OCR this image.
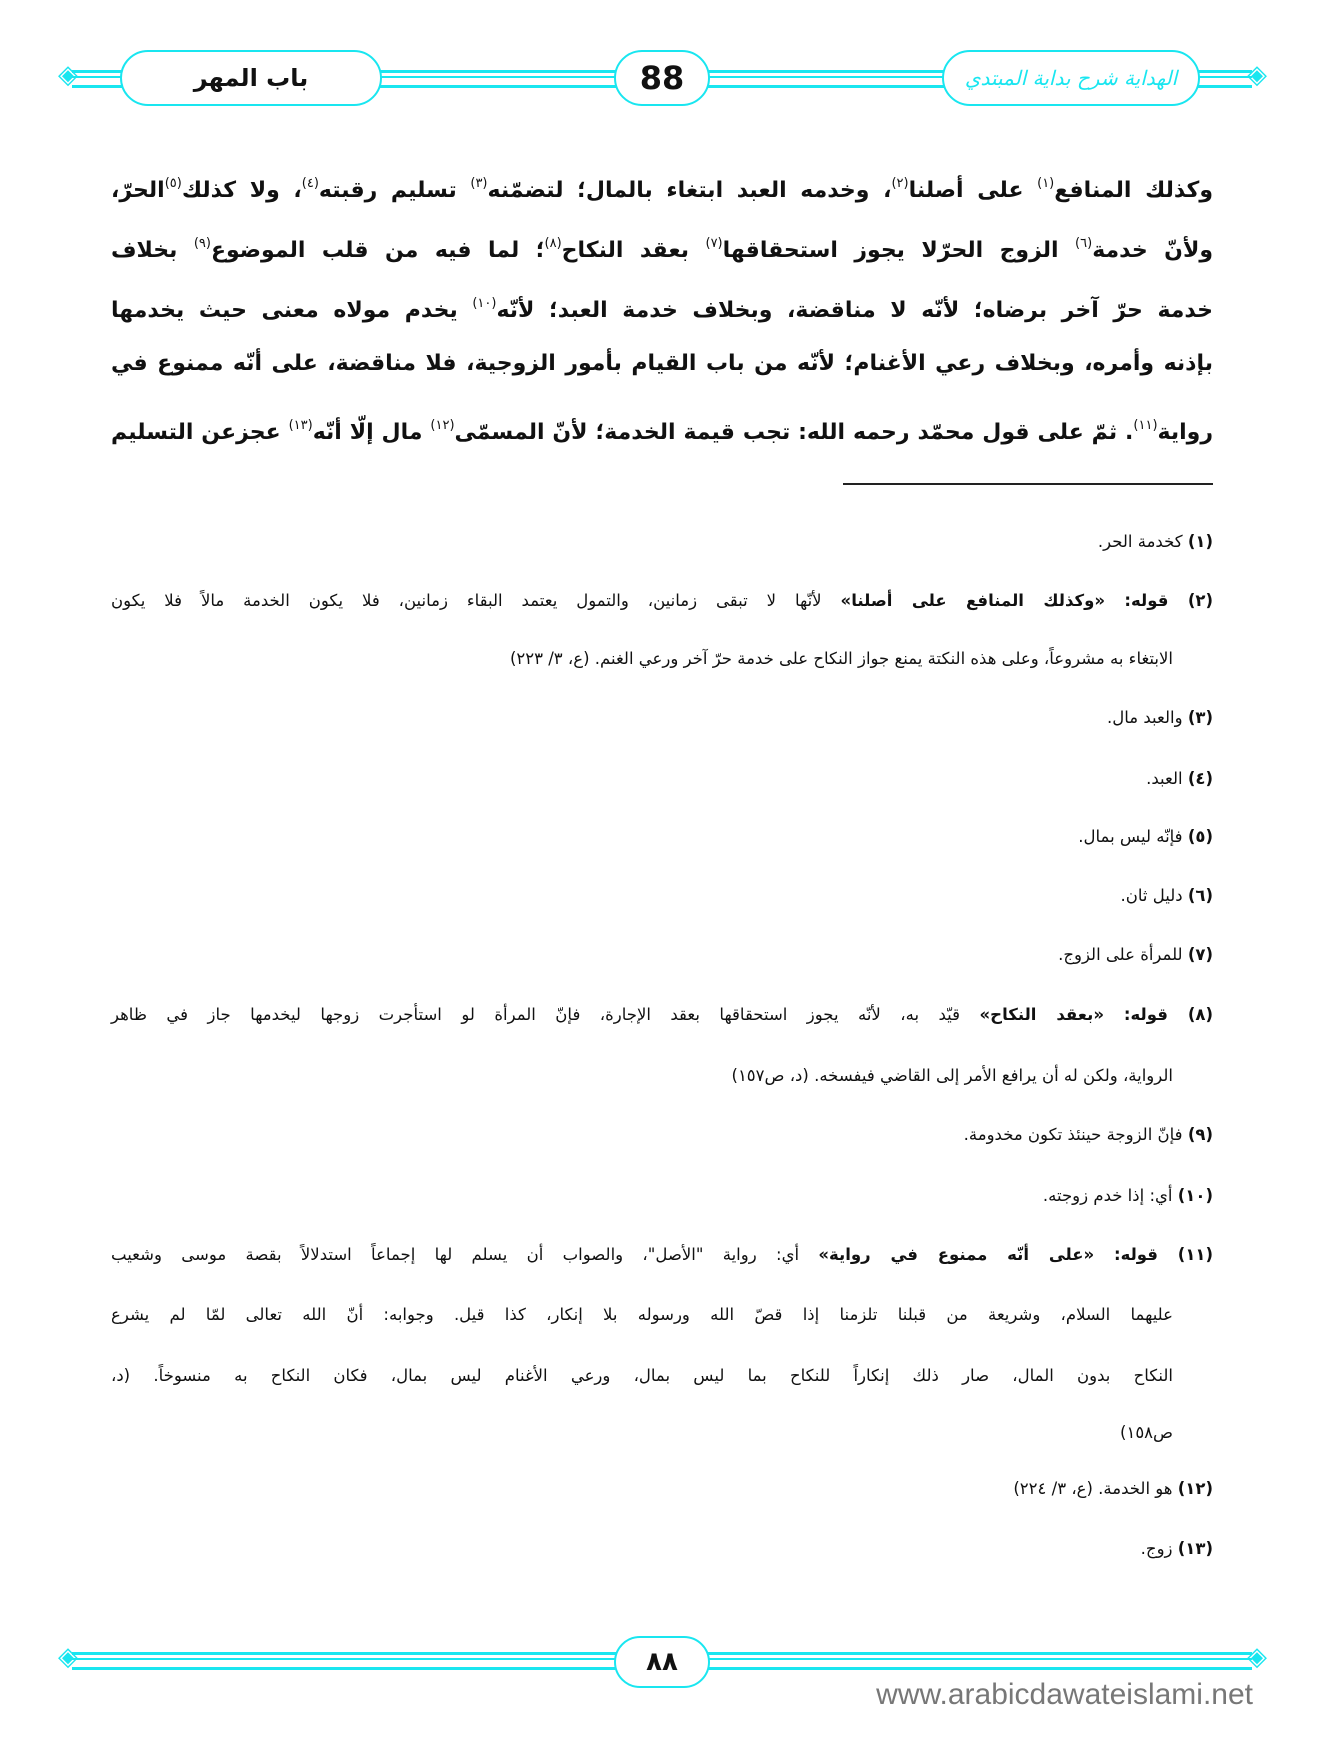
◈	◈
باب المهر	88	الهداية شرح بداية المبتدي
وكذلك المنافع$^{(١)}$ على أصلنا$^{(٢)}$، وخدمه العبد ابتغاء بالمال؛ لتضمّنه$^{(٣)}$ تسليم رقبته$^{(٤)}$، ولا كذلك$^{(٥)}$الحرّ،
ولأنّ خدمة$^{(٦)}$ الزوج الحرّلا يجوز استحقاقها$^{(٧)}$ بعقد النكاح$^{(٨)}$؛ لما فيه من قلب الموضوع$^{(٩)}$ بخلاف
خدمة حرّ آخر برضاه؛ لأنّه لا مناقضة، وبخلاف خدمة العبد؛ لأنّه$^{(١٠)}$ يخدم مولاه معنى حيث يخدمها
بإذنه وأمره، وبخلاف رعي الأغنام؛ لأنّه من باب القيام بأمور الزوجية، فلا مناقضة، على أنّه ممنوع في
رواية$^{(١١)}$. ثمّ على قول محمّد رحمه الله: تجب قيمة الخدمة؛ لأنّ المسمّى$^{(١٢)}$ مال إلّا أنّه$^{(١٣)}$ عجزعن التسليم
(١) كخدمة الحر.
(٢) قوله: «وكذلك المنافع على أصلنا» لأنّها لا تبقى زمانين، والتمول يعتمد البقاء زمانين، فلا يكون الخدمة مالاً فلا يكون
الابتغاء به مشروعاً، وعلى هذه النكتة يمنع جواز النكاح على خدمة حرّ آخر ورعي الغنم. (ع، ٣/ ٢٢٣)
(٣) والعبد مال.
(٤) العبد.
(٥) فإنّه ليس بمال.
(٦) دليل ثان.
(٧) للمرأة على الزوج.
(٨) قوله: «بعقد النكاح» قيّد به، لأنّه يجوز استحقاقها بعقد الإجارة، فإنّ المرأة لو استأجرت زوجها ليخدمها جاز في ظاهر
الرواية، ولكن له أن يرافع الأمر إلى القاضي فيفسخه. (د، ص١٥٧)
(٩) فإنّ الزوجة حينئذ تكون مخدومة.
(١٠) أي: إذا خدم زوجته.
(١١) قوله: «على أنّه ممنوع في رواية» أي: رواية "الأصل"، والصواب أن يسلم لها إجماعاً استدلالاً بقصة موسى وشعيب
عليهما السلام، وشريعة من قبلنا تلزمنا إذا قصّ الله ورسوله بلا إنكار، كذا قيل. وجوابه: أنّ الله تعالى لمّا لم يشرع
النكاح بدون المال، صار ذلك إنكاراً للنكاح بما ليس بمال، ورعي الأغنام ليس بمال، فكان النكاح به منسوخاً. (د،
ص١٥٨)
(١٢) هو الخدمة. (ع، ٣/ ٢٢٤)
(١٣) زوج.
◈	◈
٨٨
www.arabicdawateislami.net
